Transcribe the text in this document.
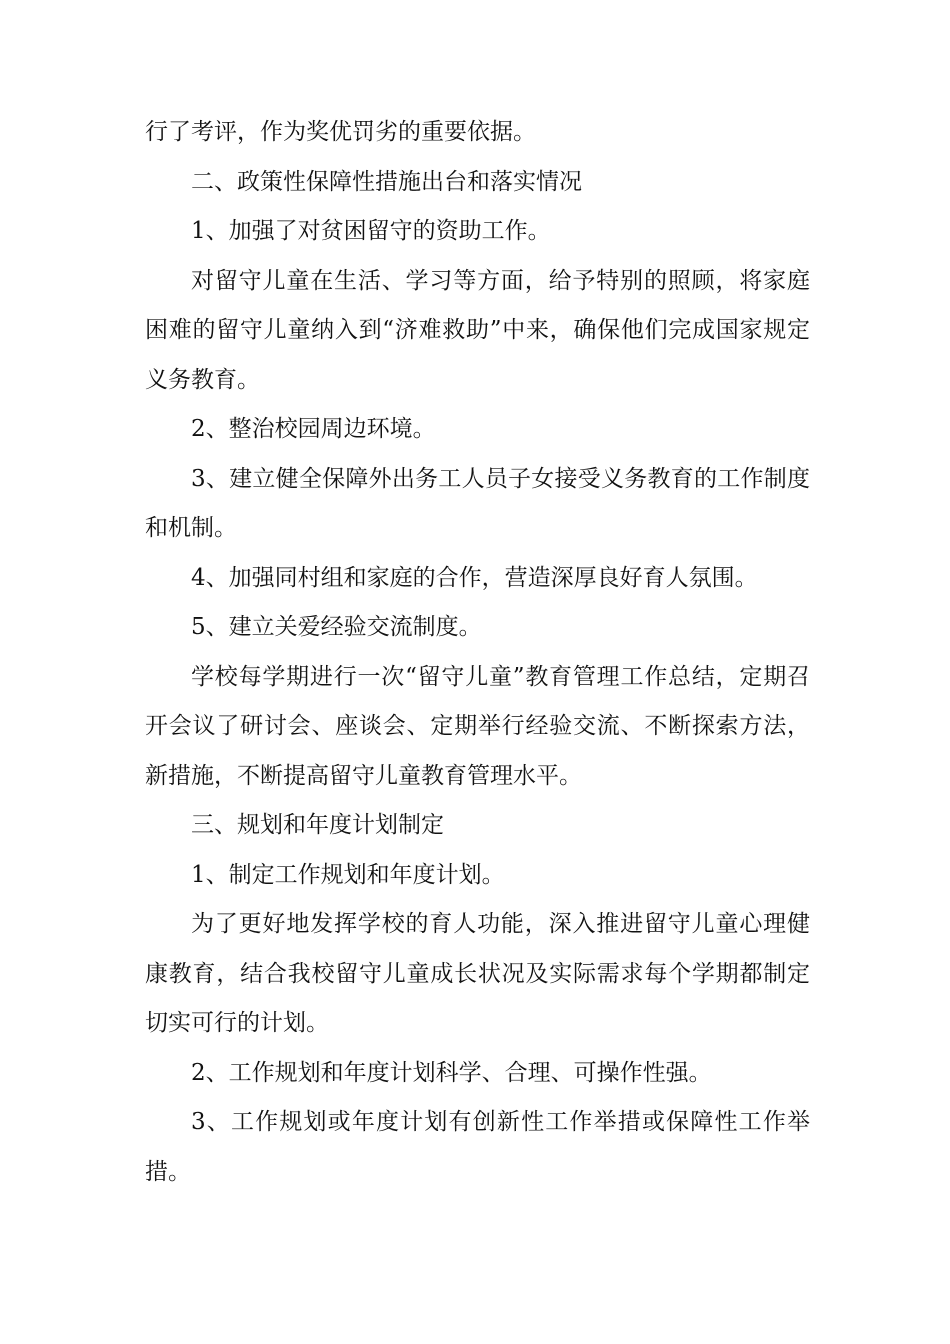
行了考评，作为奖优罚劣的重要依据。

二、政策性保障性措施出台和落实情况

1、加强了对贫困留守的资助工作。

对留守儿童在生活、学习等方面，给予特别的照顾，将家庭困难的留守儿童纳入到“济难救助”中来，确保他们完成国家规定义务教育。

2、整治校园周边环境。

3、建立健全保障外出务工人员子女接受义务教育的工作制度和机制。

4、加强同村组和家庭的合作，营造深厚良好育人氛围。

5、建立关爱经验交流制度。

学校每学期进行一次“留守儿童”教育管理工作总结，定期召开会议了研讨会、座谈会、定期举行经验交流、不断探索方法，新措施，不断提高留守儿童教育管理水平。

三、规划和年度计划制定

1、制定工作规划和年度计划。

为了更好地发挥学校的育人功能，深入推进留守儿童心理健康教育，结合我校留守儿童成长状况及实际需求每个学期都制定切实可行的计划。

2、工作规划和年度计划科学、合理、可操作性强。

3、工作规划或年度计划有创新性工作举措或保障性工作举措。
